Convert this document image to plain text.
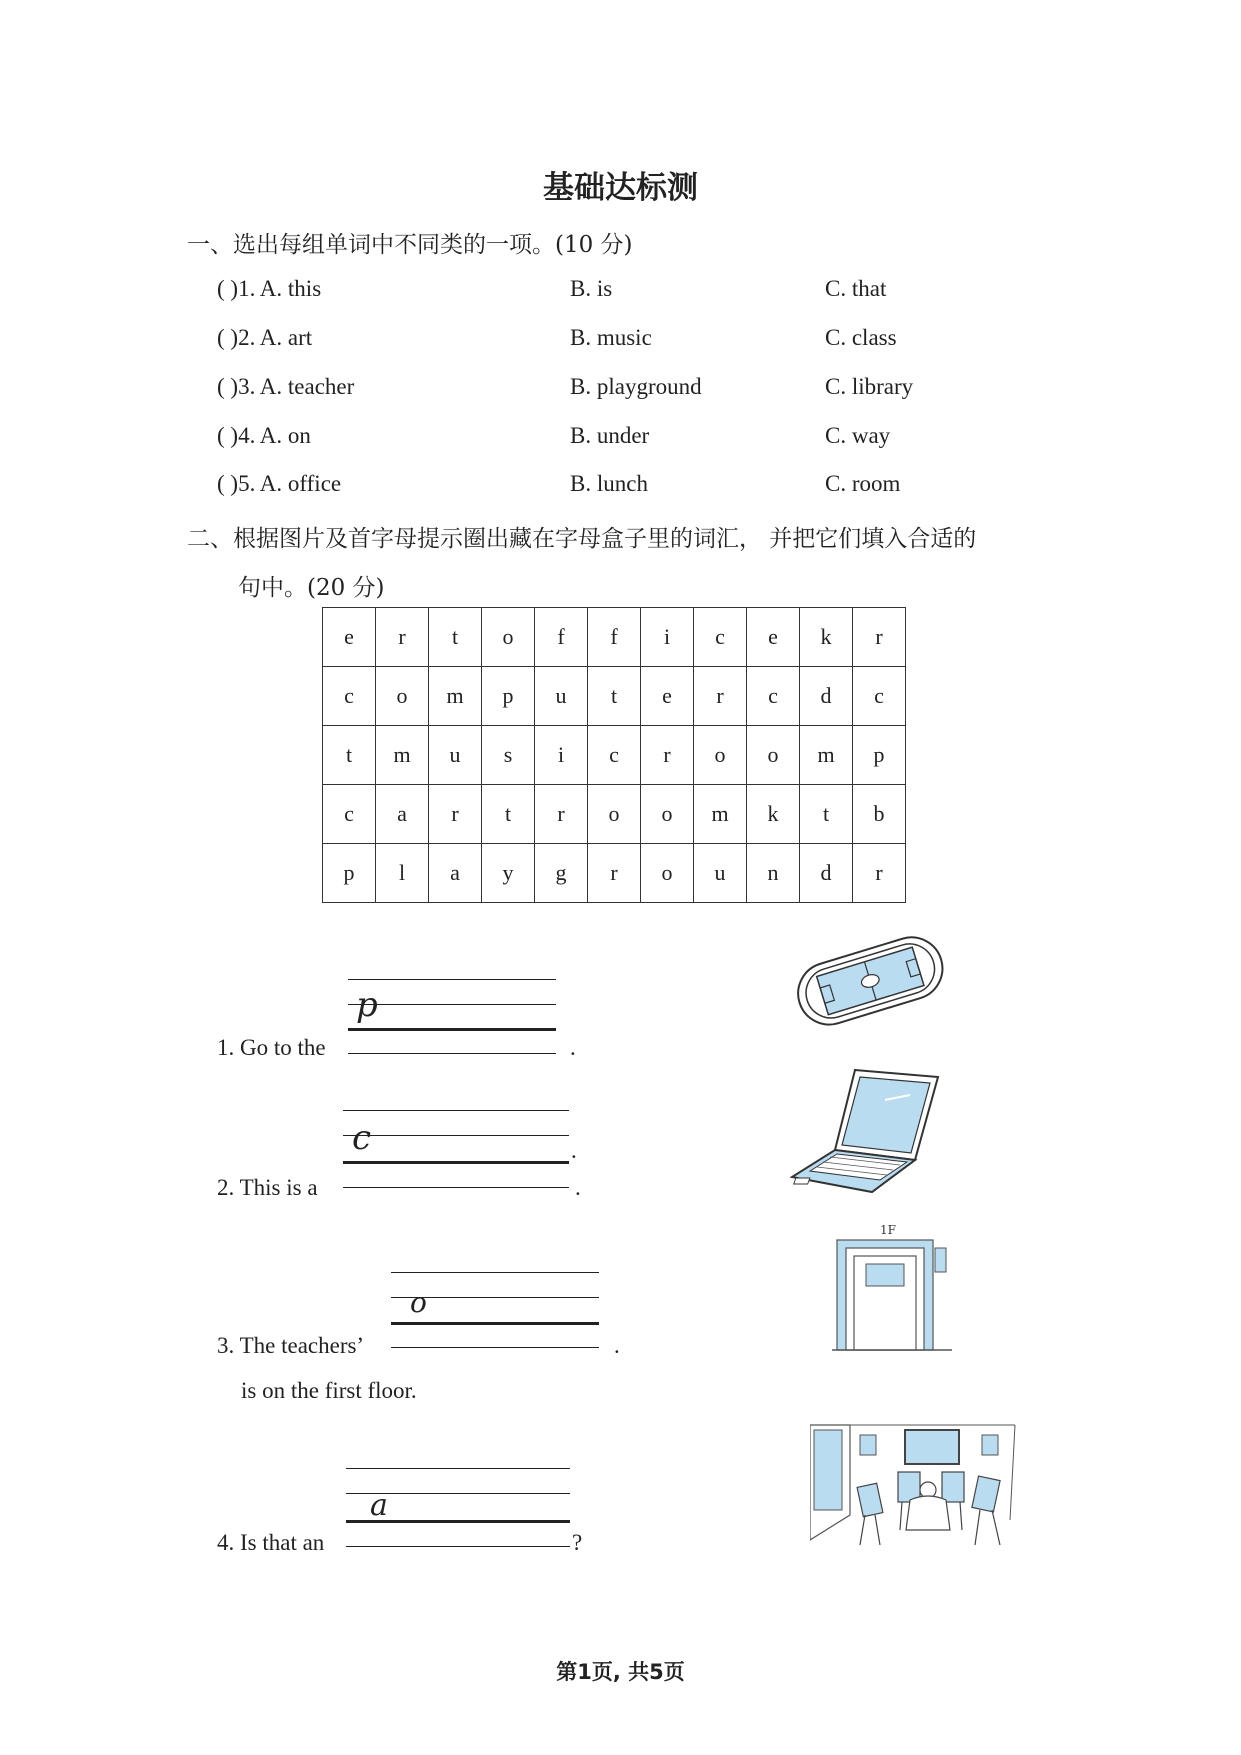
基础达标测
一、选出每组单词中不同类的一项。(10 分)
( )1. A. this	B. is	C. that
( )2. A. art	B. music	C. class
( )3. A. teacher	B. playground	C. library
( )4. A. on	B. under	C. way
( )5. A. office	B. lunch	C. room
二、根据图片及首字母提示圈出藏在字母盒子里的词汇， 并把它们填入合适的
句中。(20 分)
e	r	t	o	f	f	i	c	e	k	r
c	o	m	p	u	t	e	r	c	d	c
t	m	u	s	i	c	r	o	o	m	p
c	a	r	t	r	o	o	m	k	t	b
p	l	a	y	g	r	o	u	n	d	r
p
1. Go to the	.
c	.
2. This is a	.
o
3. The teachers’	.
is on the first floor.
a
4. Is that an	?
1F
第1页, 共5页
